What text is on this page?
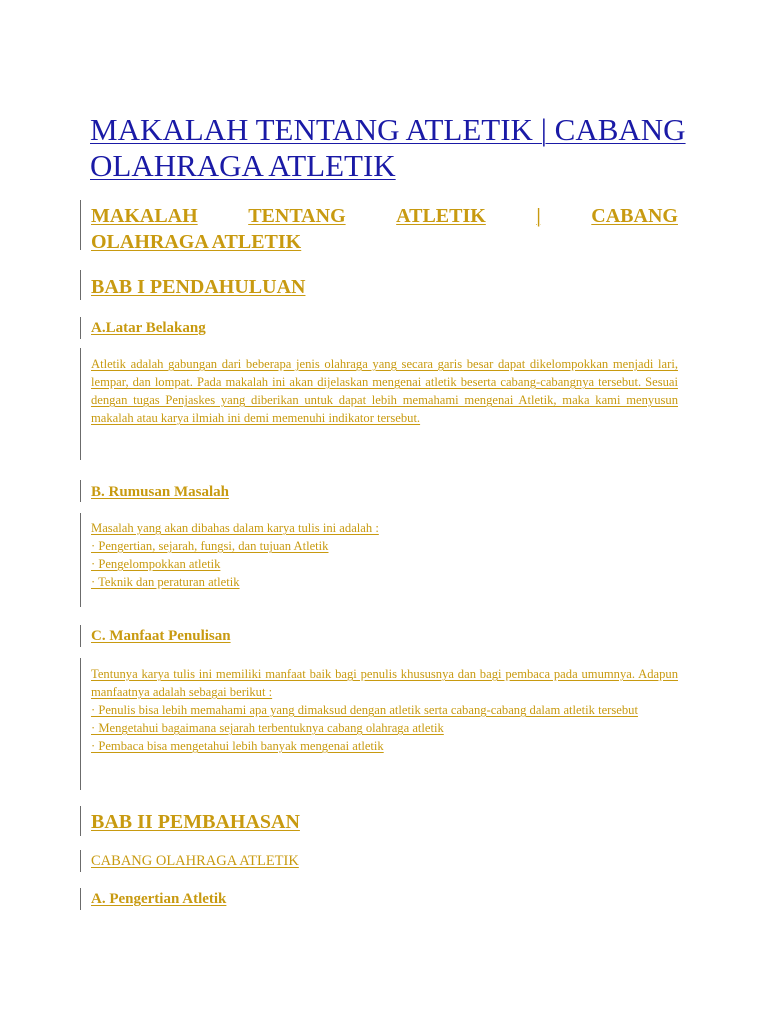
MAKALAH TENTANG ATLETIK | CABANG OLAHRAGA ATLETIK
MAKALAH	TENTANG	ATLETIK	|	CABANG
OLAHRAGA ATLETIK
BAB I PENDAHULUAN
A.Latar Belakang

Atletik adalah gabungan dari beberapa jenis olahraga yang secara garis besar dapat dikelompokkan menjadi lari, lempar, dan lompat. Pada makalah ini akan dijelaskan mengenai atletik beserta cabang-cabangnya tersebut. Sesuai dengan tugas Penjaskes yang diberikan untuk dapat lebih memahami mengenai Atletik, maka kami menyusun makalah atau karya ilmiah ini demi memenuhi indikator tersebut.

B. Rumusan Masalah
Masalah yang akan dibahas dalam karya tulis ini adalah :
· Pengertian, sejarah, fungsi, dan tujuan Atletik
· Pengelompokkan atletik
· Teknik dan peraturan atletik
C. Manfaat Penulisan
Tentunya karya tulis ini memiliki manfaat baik bagi penulis khususnya dan bagi pembaca pada umumnya. Adapun manfaatnya adalah sebagai berikut :
· Penulis bisa lebih memahami apa yang dimaksud dengan atletik serta cabang-cabang dalam atletik tersebut
· Mengetahui bagaimana sejarah terbentuknya cabang olahraga atletik
· Pembaca bisa mengetahui lebih banyak mengenai atletik
BAB II PEMBAHASAN

CABANG OLAHRAGA ATLETIK

A. Pengertian Atletik
